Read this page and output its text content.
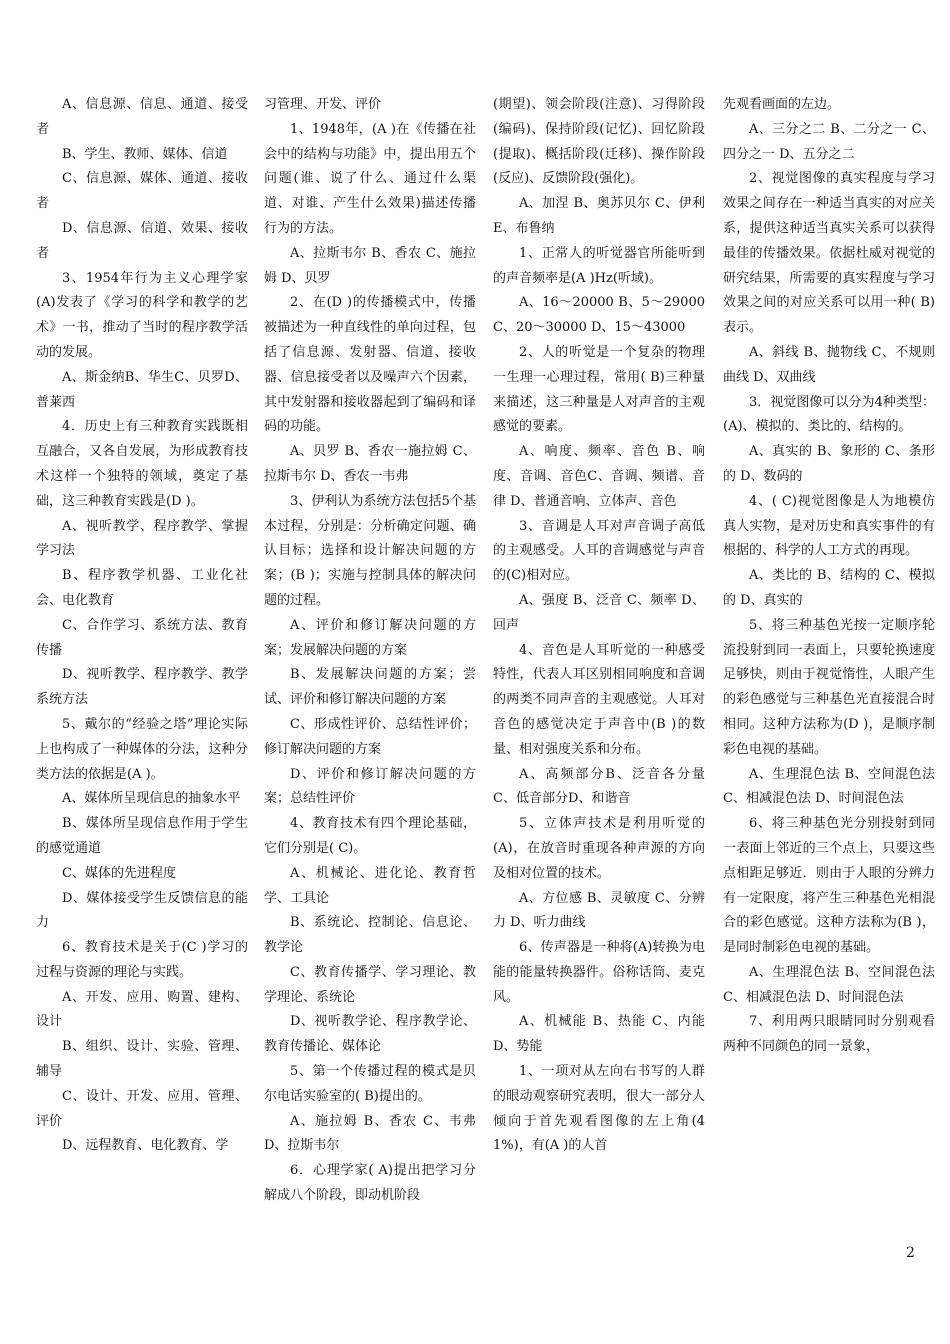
A、信息源、信息、通道、接受者

B、学生、教师、媒体、信道

C、信息源、媒体、通道、接收者

D、信息源、信道、效果、接收者

3、1954年行为主义心理学家(A)发表了《学习的科学和教学的艺术》一书，推动了当时的程序教学活动的发展。

A、斯金纳B、华生C、贝罗D、普莱西

4．历史上有三种教育实践既相互融合，又各自发展，为形成教育技术这样一个独特的领域，奠定了基础，这三种教育实践是(D )。

A、视听教学、程序教学、掌握学习法

B、程序教学机器、工业化社会、电化教育

C、合作学习、系统方法、教育传播

D、视听教学、程序教学、教学系统方法

5、戴尔的“经验之塔”理论实际上也构成了一种媒体的分法，这种分类方法的依据是(A )。

A、媒体所呈现信息的抽象水平

B、媒体所呈现信息作用于学生的感觉通道

C、媒体的先进程度

D、媒体接受学生反馈信息的能力

6、教育技术是关于(C )学习的过程与资源的理论与实践。

A、开发、应用、购置、建构、设计

B、组织、设计、实验、管理、辅导

C、设计、开发、应用、管理、评价

D、远程教育、电化教育、学

习管理、开发、评价

1、1948年，(A )在《传播在社会中的结构与功能》中，提出用五个问题(谁、说了什么、通过什么渠道、对谁、产生什么效果)描述传播行为的方法。

A、拉斯韦尔 B、香农 C、施拉姆 D、贝罗

2、在(D )的传播模式中，传播被描述为一种直线性的单向过程，包括了信息源、发射器、信道、接收器、信息接受者以及噪声六个因素，其中发射器和接收器起到了编码和译码的功能。

A、贝罗 B、香农一施拉姆 C、拉斯韦尔 D、香农一韦弗

3、伊利认为系统方法包括5个基本过程，分别是：分析确定问题、确认目标；选择和设计解决问题的方案；(B )；实施与控制具体的解决问题的过程。

A、评价和修订解决问题的方案；发展解决问题的方案

B、发展解决问题的方案；尝试、评价和修订解决问题的方案

C、形成性评价、总结性评价；修订解决问题的方案

D、评价和修订解决问题的方案；总结性评价

4、教育技术有四个理论基础，它们分别是( C)。

A、机械论、进化论、教育哲学、工具论

B、系统论、控制论、信息论、教学论

C、教育传播学、学习理论、教学理论、系统论

D、视听教学论、程序教学论、教育传播论、媒体论

5、第一个传播过程的模式是贝尔电话实验室的( B)提出的。

A、施拉姆 B、香农 C、韦弗 D、拉斯韦尔

6．心理学家( A)提出把学习分解成八个阶段，即动机阶段

(期望)、领会阶段(注意)、习得阶段(编码)、保持阶段(记忆)、回忆阶段(提取)、概括阶段(迁移)、操作阶段(反应)、反馈阶段(强化)。

A、加涅 B、奥苏贝尔 C、伊利 E、布鲁纳

1、正常人的听觉器官所能听到的声音频率是(A )Hz(听域)。

A、16～20000 B、5～29000 C、20～30000 D、15～43000

2、人的听觉是一个复杂的物理一生理一心理过程，常用( B)三种量来描述，这三种量是人对声音的主观感觉的要素。

A、响度、频率、音色 B、响度、音调、音色C、音调、频谱、音律 D、普通音响、立体声、音色

3、音调是人耳对声音调子高低的主观感受。人耳的音调感觉与声音的(C)相对应。

A、强度 B、泛音 C、频率 D、回声

4、音色是人耳听觉的一种感受特性，代表人耳区别相同响度和音调的两类不同声音的主观感觉。人耳对音色的感觉决定于声音中(B )的数量、相对强度关系和分布。

A、高频部分B、泛音各分量 C、低音部分D、和谐音

5、立体声技术是利用听觉的(A)，在放音时重现各种声源的方向及相对位置的技术。

A、方位感 B、灵敏度 C、分辨力 D、听力曲线

6、传声器是一种将(A)转换为电能的能量转换器件。俗称话筒、麦克风。

A、机械能 B、热能 C、内能 D、势能

1、一项对从左向右书写的人群的眼动观察研究表明，很大一部分人倾向于首先观看图像的左上角(41%)，有(A )的人首

先观看画面的左边。

A、三分之二 B、二分之一 C、四分之一 D、五分之二

2、视觉图像的真实程度与学习效果之间存在一种适当真实的对应关系，提供这种适当真实关系可以获得最佳的传播效果。依据杜威对视觉的研究结果，所需要的真实程度与学习效果之间的对应关系可以用一种( B)表示。

A、斜线 B、抛物线 C、不规则曲线 D、双曲线

3．视觉图像可以分为4种类型：(A)、模拟的、类比的、结构的。

A、真实的 B、象形的 C、条形的 D、数码的

4、( C)视觉图像是人为地模仿真人实物，是对历史和真实事件的有根据的、科学的人工方式的再现。

A、类比的 B、结构的 C、模拟的 D、真实的

5、将三种基色光按一定顺序轮流投射到同一表面上，只要轮换速度足够快，则由于视觉惰性，人眼产生的彩色感觉与三种基色光直接混合时相同。这种方法称为(D )，是顺序制彩色电视的基础。

A、生理混色法 B、空间混色法 C、相减混色法 D、时间混色法

6、将三种基色光分别投射到同一表面上邻近的三个点上，只要这些点相距足够近．则由于人眼的分辨力有一定限度，将产生三种基色光相混合的彩色感觉。这种方法称为(B )，是同时制彩色电视的基础。

A、生理混色法 B、空间混色法 C、相减混色法 D、时间混色法

7、利用两只眼睛同时分别观看两种不同颜色的同一景象，

2
